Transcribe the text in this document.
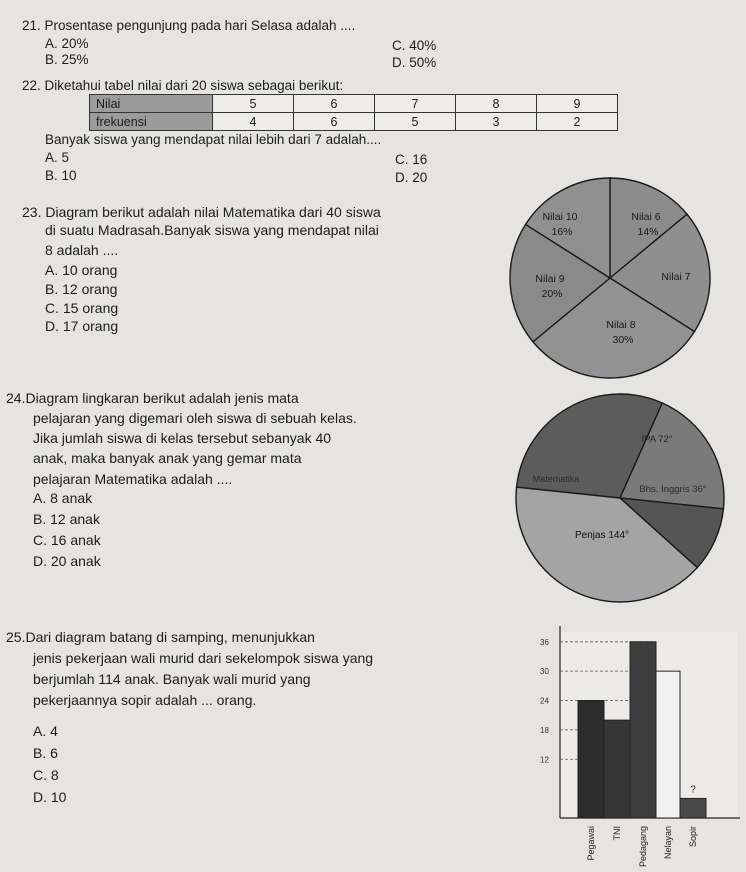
21. Prosentase pengunjung pada hari Selasa adalah ....
A. 20%
B. 25%
C. 40%
D. 50%
22. Diketahui tabel nilai dari 20 siswa sebagai berikut:
Nilai	5	6	7	8	9
frekuensi	4	6	5	3	2
Banyak siswa yang mendapat nilai lebih dari 7 adalah....
A. 5
B. 10
C. 16
D. 20
23. Diagram berikut adalah nilai Matematika dari 40 siswa
di suatu Madrasah.Banyak siswa yang mendapat nilai
8 adalah ....
A. 10 orang
B. 12 orang
C. 15 orang
D. 17 orang
Nilai 6
14%
Nilai 7
Nilai 8
30%
Nilai 9
20%
Nilai 10
16%
24.Diagram lingkaran berikut adalah jenis mata
pelajaran yang digemari oleh siswa di sebuah kelas.
Jika jumlah siswa di kelas tersebut sebanyak 40
anak, maka banyak anak yang gemar mata
pelajaran Matematika adalah ....
A. 8 anak
B. 12 anak
C. 16 anak
D. 20 anak
IPA 72°
Bhs. Inggris 36°
Penjas 144°
Matematika
25.Dari diagram batang di samping, menunjukkan
jenis pekerjaan wali murid dari sekelompok siswa yang
berjumlah 114 anak. Banyak wali murid yang
pekerjaannya sopir adalah ... orang.
A. 4
B. 6
C. 8
D. 10
36
30
24
18
12
Pegawai TNI Pedagang Nelayan Sopir
?
